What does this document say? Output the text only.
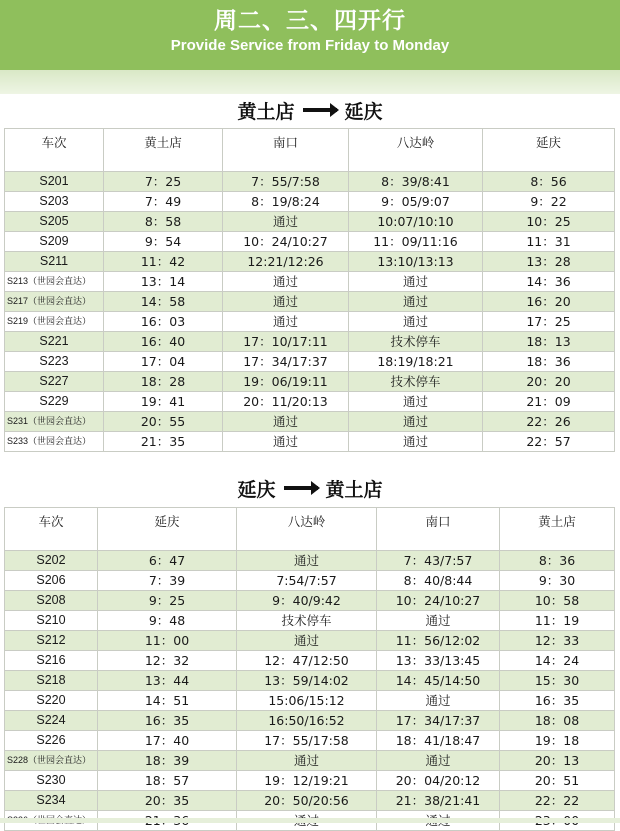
周二、三、四开行
Provide Service from Friday to Monday
黄土店	延庆
车次	黄土店	南口	八达岭	延庆
S201	7：25	7：55/7:58	8：39/8:41	8：56
S203	7：49	8：19/8:24	9：05/9:07	9：22
S205	8：58	通过	10:07/10:10	10：25
S209	9：54	10：24/10:27	11：09/11:16	11：31
S211	11：42	12:21/12:26	13:10/13:13	13：28
S213（世园会直达）	13：14	通过	通过	14：36
S217（世园会直达）	14：58	通过	通过	16：20
S219（世园会直达）	16：03	通过	通过	17：25
S221	16：40	17：10/17:11	技术停车	18：13
S223	17：04	17：34/17:37	18:19/18:21	18：36
S227	18：28	19：06/19:11	技术停车	20：20
S229	19：41	20：11/20:13	通过	21：09
S231（世园会直达）	20：55	通过	通过	22：26
S233（世园会直达）	21：35	通过	通过	22：57
延庆	黄土店
车次	延庆	八达岭	南口	黄土店
S202	6：47	通过	7：43/7:57	8：36
S206	7：39	7:54/7:57	8：40/8:44	9：30
S208	9：25	9：40/9:42	10：24/10:27	10：58
S210	9：48	技术停车	通过	11：19
S212	11：00	通过	11：56/12:02	12：33
S216	12：32	12：47/12:50	13：33/13:45	14：24
S218	13：44	13：59/14:02	14：45/14:50	15：30
S220	14：51	15:06/15:12	通过	16：35
S224	16：35	16:50/16:52	17：34/17:37	18：08
S226	17：40	17：55/17:58	18：41/18:47	19：18
S228（世园会直达）	18：39	通过	通过	20：13
S230	18：57	19：12/19:21	20：04/20:12	20：51
S234	20：35	20：50/20:56	21：38/21:41	22：22
